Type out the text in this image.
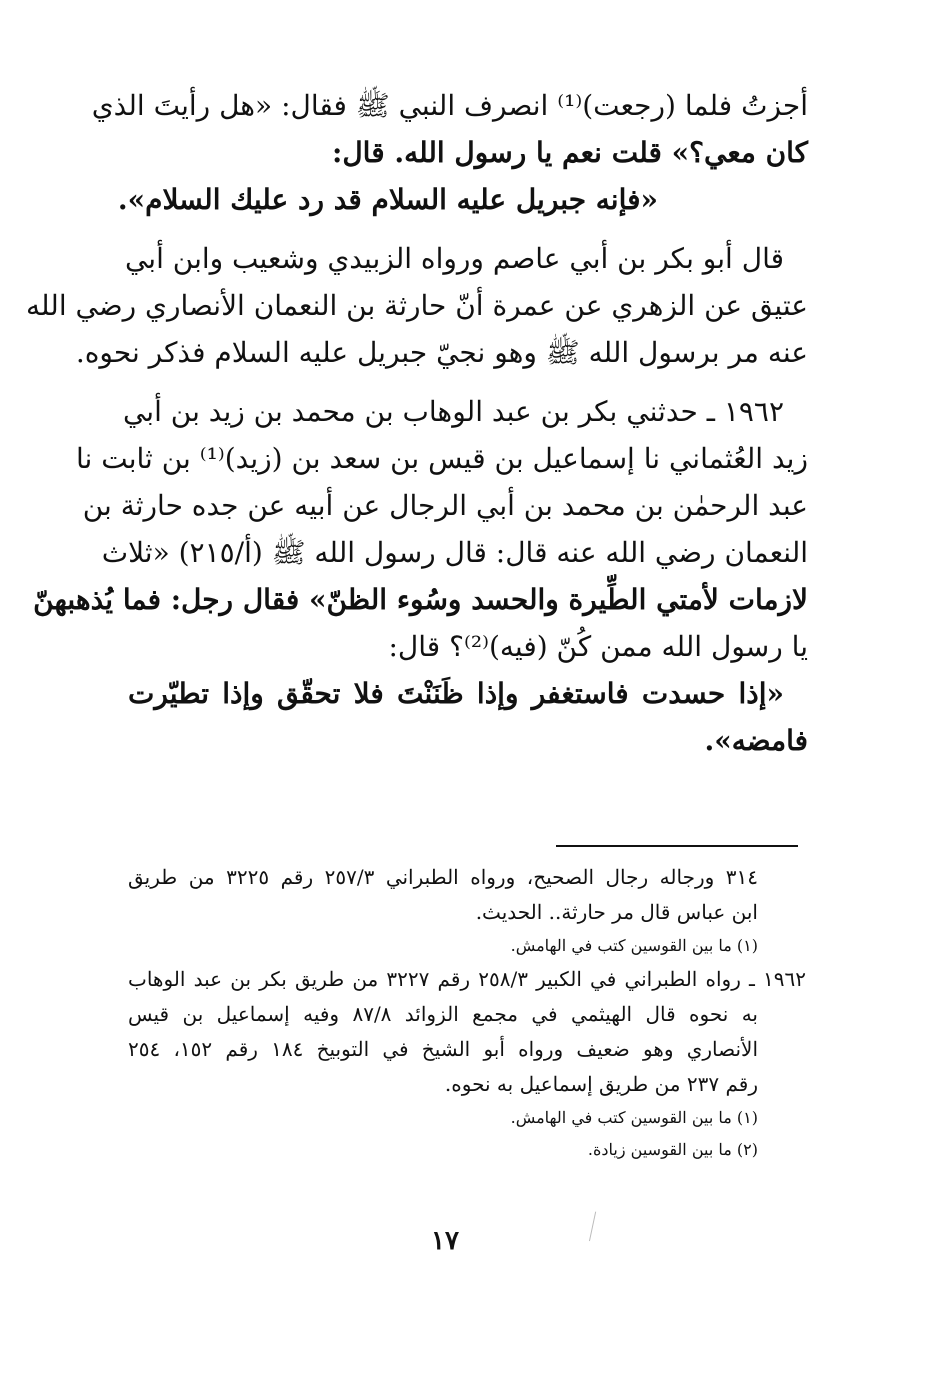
أجزتُ فلما (رجعت)⁽¹⁾ انصرف النبي ﷺ فقال: «هل رأيتَ الذي
كان معي؟» قلت نعم يا رسول الله. قال:
«فإنه جبريل عليه السلام قد رد عليك السلام».
قال أبو بكر بن أبي عاصم ورواه الزبيدي وشعيب وابن أبي
عتيق عن الزهري عن عمرة أنّ حارثة بن النعمان الأنصاري رضي الله
عنه مر برسول الله ﷺ وهو نجيّ جبريل عليه السلام فذكر نحوه.
١٩٦٢ ـ حدثني بكر بن عبد الوهاب بن محمد بن زيد بن أبي
زيد العُثماني نا إسماعيل بن قيس بن سعد بن (زيد)⁽¹⁾ بن ثابت نا
عبد الرحمٰن بن محمد بن أبي الرجال عن أبيه عن جده حارثة بن
النعمان رضي الله عنه قال: قال رسول الله ﷺ (أ/٢١٥) «ثلاث
لازمات لأمتي الطِّيرة والحسد وسُوء الظنّ» فقال رجل: فما يُذهبهنّ
يا رسول الله ممن كُنّ (فيه)⁽²⁾؟ قال:
«إذا حسدت فاستغفر وإذا ظَنَنْتَ فلا تحقّق وإذا تطيّرت
فامضه».
٣١٤ ورجاله رجال الصحيح، ورواه الطبراني ٢٥٧/٣ رقم ٣٢٢٥ من طريق
ابن عباس قال مر حارثة.. الحديث.
(١) ما بين القوسين كتب في الهامش.
١٩٦٢ ـ رواه الطبراني في الكبير ٢٥٨/٣ رقم ٣٢٢٧ من طريق بكر بن عبد الوهاب
به نحوه قال الهيثمي في مجمع الزوائد ٨٧/٨ وفيه إسماعيل بن قيس
الأنصاري وهو ضعيف ورواه أبو الشيخ في التوبيخ ١٨٤ رقم ١٥٢، ٢٥٤
رقم ٢٣٧ من طريق إسماعيل به نحوه.
(١) ما بين القوسين كتب في الهامش.
(٢) ما بين القوسين زيادة.
١٧
